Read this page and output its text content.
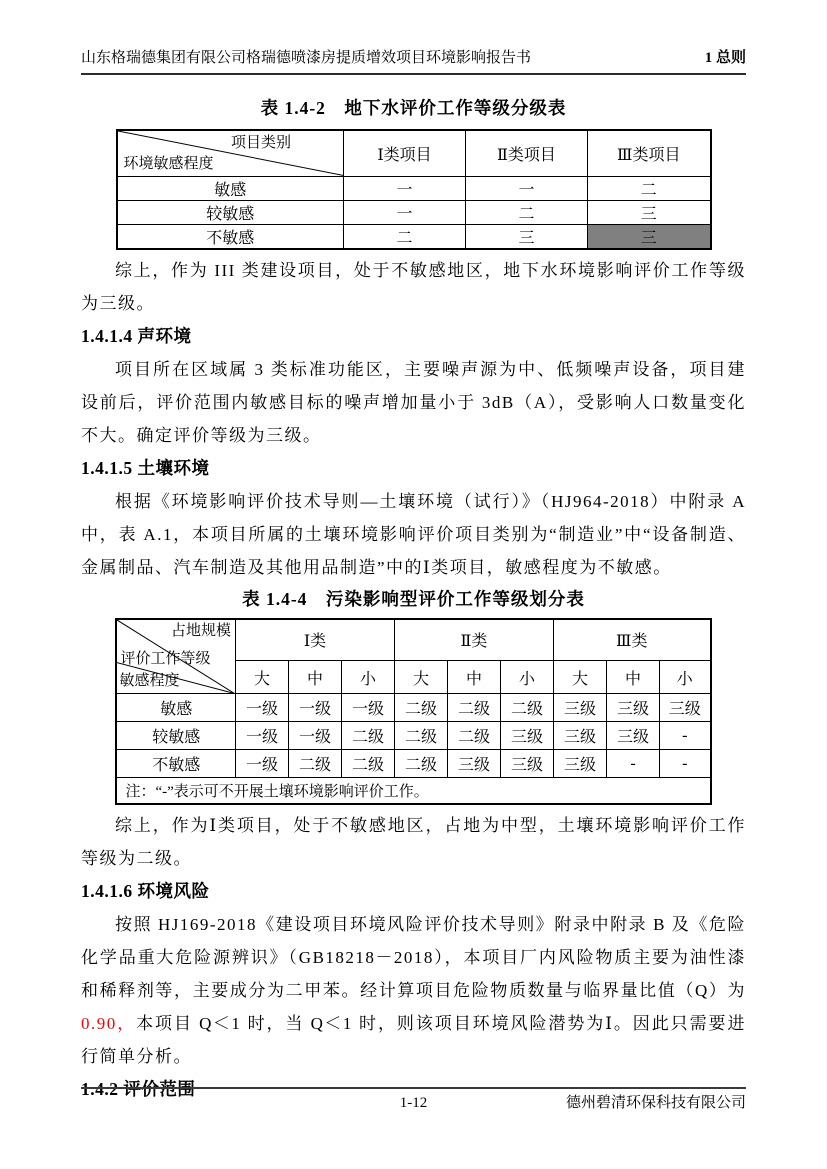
山东格瑞德集团有限公司格瑞德喷漆房提质增效项目环境影响报告书	1 总则
表 1.4-2　地下水评价工作等级分级表
项目类别
环境敏感程度	Ⅰ类项目	Ⅱ类项目	Ⅲ类项目
敏感	一	一	二
较敏感	一	二	三
不敏感	二	三	三

综上，作为 III 类建设项目，处于不敏感地区，地下水环境影响评价工作等级为三级。

1.4.1.4 声环境

项目所在区域属 3 类标准功能区，主要噪声源为中、低频噪声设备，项目建设前后，评价范围内敏感目标的噪声增加量小于 3dB（A），受影响人口数量变化不大。确定评价等级为三级。

1.4.1.5 土壤环境

根据《环境影响评价技术导则—土壤环境（试行）》（HJ964-2018）中附录 A 中，表 A.1，本项目所属的土壤环境影响评价项目类别为“制造业”中“设备制造、金属制品、汽车制造及其他用品制造”中的Ⅰ类项目，敏感程度为不敏感。

表 1.4-4　污染影响型评价工作等级划分表
占地规模
评价工作等级
敏感程度	Ⅰ类			Ⅱ类			Ⅲ类		
	大	中	小	大	中	小	大	中	小
敏感	一级	一级	一级	二级	二级	二级	三级	三级	三级
较敏感	一级	一级	二级	二级	二级	三级	三级	三级	-
不敏感	一级	二级	二级	二级	三级	三级	三级	-	-
注：“-”表示可不开展土壤环境影响评价工作。									

综上，作为Ⅰ类项目，处于不敏感地区，占地为中型，土壤环境影响评价工作等级为二级。

1.4.1.6 环境风险

按照 HJ169-2018《建设项目环境风险评价技术导则》附录中附录 B 及《危险化学品重大危险源辨识》（GB18218－2018），本项目厂内风险物质主要为油性漆和稀释剂等，主要成分为二甲苯。经计算项目危险物质数量与临界量比值（Q）为 0.90，本项目 Q＜1 时，当 Q＜1 时，则该项目环境风险潜势为Ⅰ。因此只需要进行简单分析。

1.4.2 评价范围
1-12	德州碧清环保科技有限公司
